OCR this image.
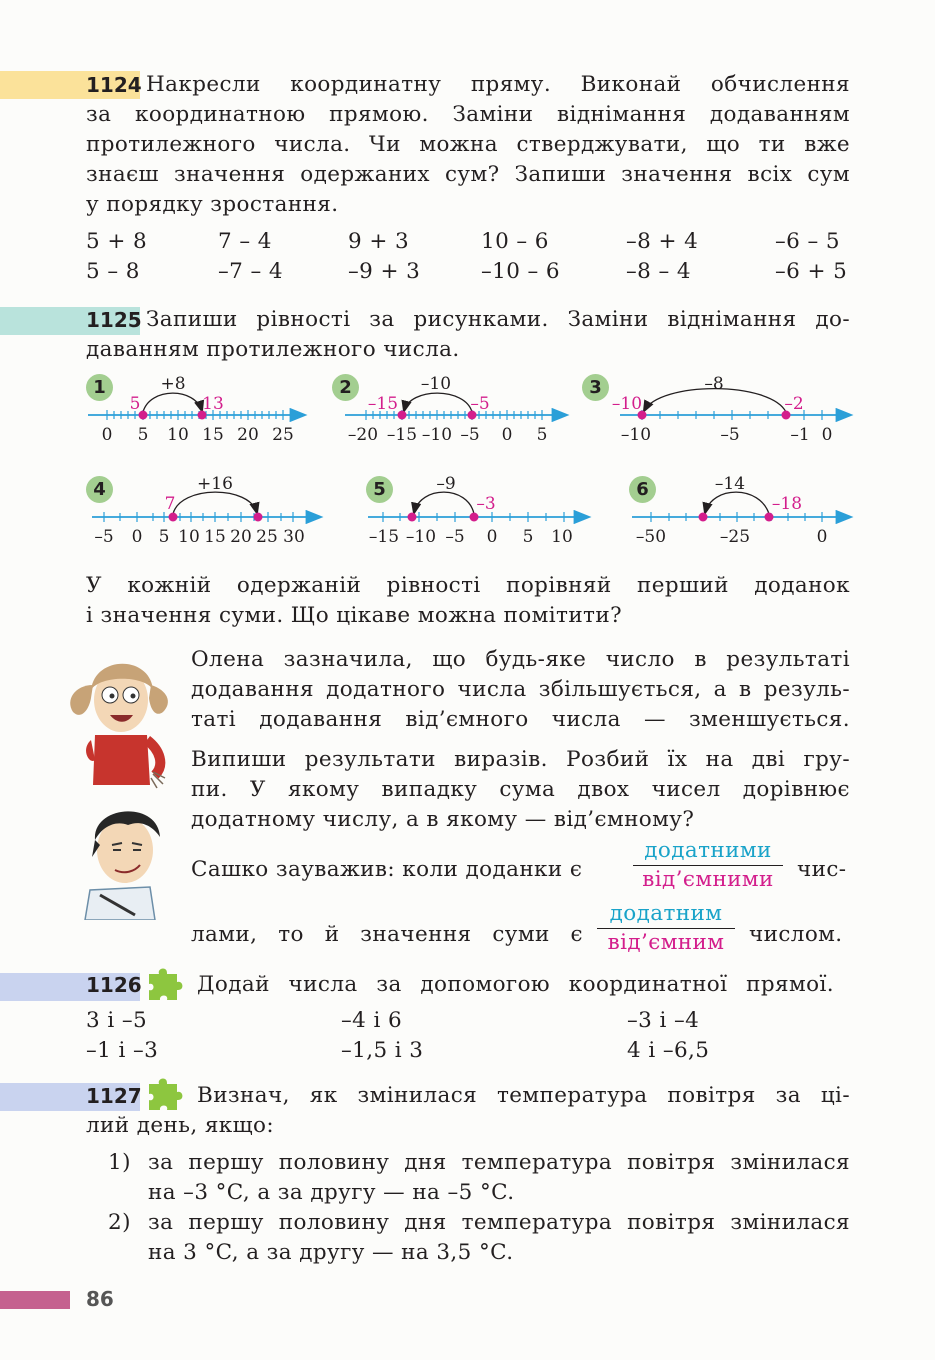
1124 Накресли координатну пряму. Виконай обчислення
за координатною прямою. Заміни віднімання додаванням
протилежного числа. Чи можна стверджувати, що ти вже
знаєш значення одержаних сум? Запиши значення всіх сум
у порядку зростання.
5 + 8	7 – 4	9 + 3	10 – 6	–8 + 4	–6 – 5
5 – 8	–7 – 4	–9 + 3	–10 – 6	–8 – 4	–6 + 5
1125 Запиши рівності за рисунками. Заміни віднімання до-
даванням протилежного числа.
+8
5	13
0 5 10 15 20 25
–10
–15	–5
–20 –15 –10 –5 0 5
–8
–10	–2
–10	–5	–1 0
+16
7
–5 0 5 10 15 20 25 30
–9
–3
–15 –10 –5 0 5 10
–14
–18
–50	–25	0
1	2	3
4	5	6
У кожній одержаній рівності порівняй перший доданок
і значення суми. Що цікаве можна помітити?
Олена зазначила, що будь-яке число в результаті
додавання додатного числа збільшується, а в резуль-
таті додавання від’ємного числа — зменшується.
Випиши результати виразів. Розбий їх на дві гру-
пи. У якому випадку сума двох чисел дорівнює
додатному числу, а в якому — від’ємному?
Сашко зауважив: коли доданки є
додатними
від’ємними	чис-
лами, то й значення суми є
додатним
від’ємним	числом.
1126	Додай числа за допомогою координатної прямої.
3 і –5	–4 і 6	–3 і –4
–1 і –3	–1,5 і 3	4 і –6,5
1127	Визнач, як змінилася температура повітря за ці-
лий день, якщо:
1) за першу половину дня температура повітря змінилася
на –3 °C, а за другу — на –5 °C.
2) за першу половину дня температура повітря змінилася
на 3 °C, а за другу — на 3,5 °C.
86
